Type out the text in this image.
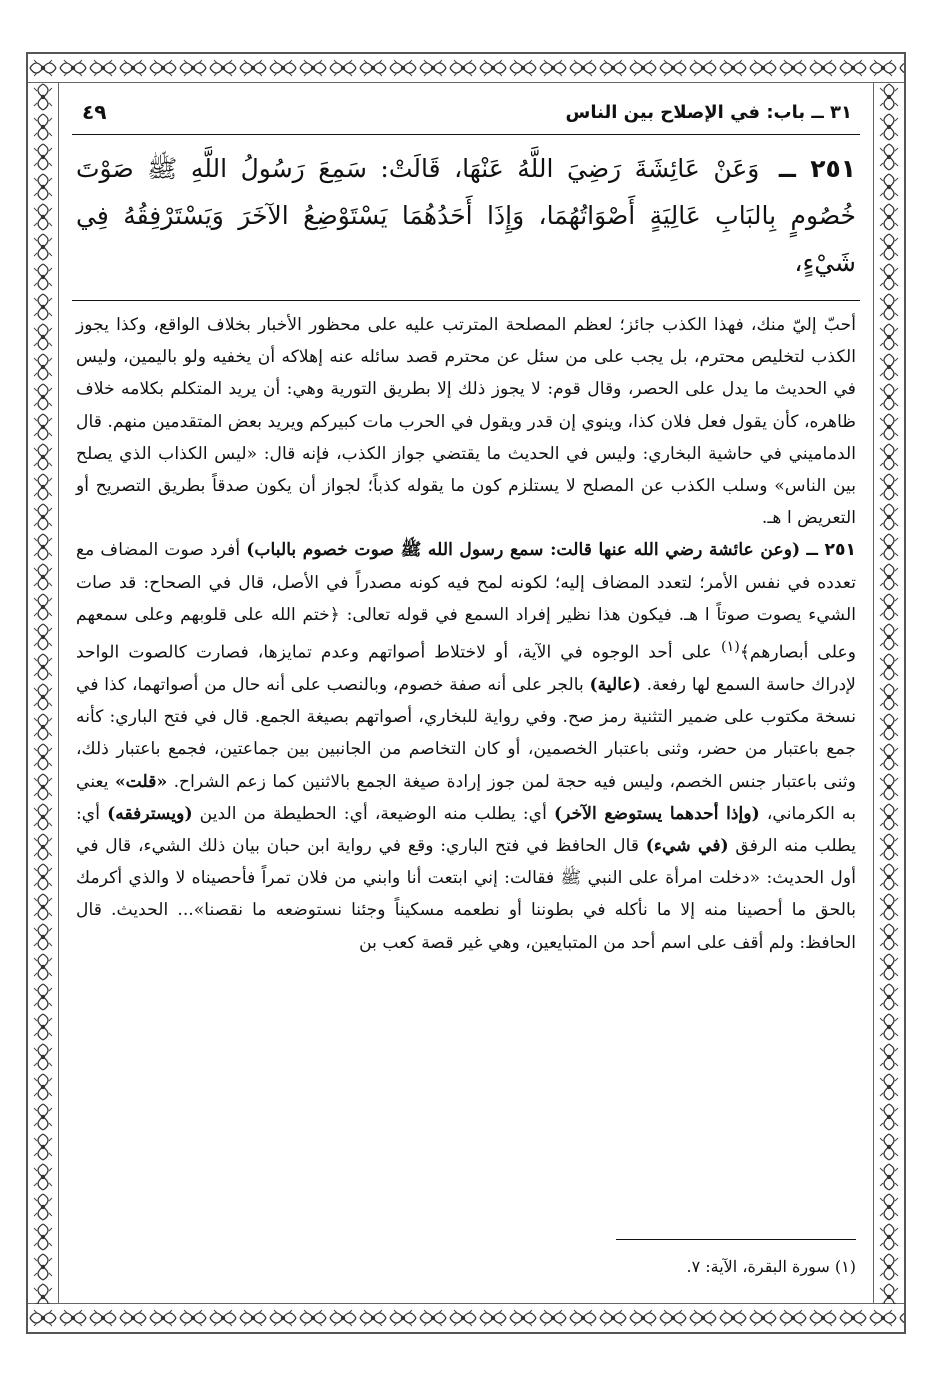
٣١ ــ باب: في الإصلاح بين الناس
٤٩
٢٥١ ــ وَعَنْ عَائِشَةَ رَضِيَ اللَّهُ عَنْهَا، قَالَتْ: سَمِعَ رَسُولُ اللَّهِ ﷺ صَوْتَ خُصُومٍ بِالبَابِ عَالِيَةٍ أَصْوَاتُهُمَا، وَإِذَا أَحَدُهُمَا يَسْتَوْضِعُ الآخَرَ وَيَسْتَرْفِقُهُ فِي شَيْءٍ،

أحبّ إليّ منك، فهذا الكذب جائز؛ لعظم المصلحة المترتب عليه على محظور الأخبار بخلاف الواقع، وكذا يجوز الكذب لتخليص محترم، بل يجب على من سئل عن محترم قصد سائله عنه إهلاكه أن يخفيه ولو باليمين، وليس في الحديث ما يدل على الحصر، وقال قوم: لا يجوز ذلك إلا بطريق التورية وهي: أن يريد المتكلم بكلامه خلاف ظاهره، كأن يقول فعل فلان كذا، وينوي إن قدر ويقول في الحرب مات كبيركم ويريد بعض المتقدمين منهم. قال الدماميني في حاشية البخاري: وليس في الحديث ما يقتضي جواز الكذب، فإنه قال: «ليس الكذاب الذي يصلح بين الناس» وسلب الكذب عن المصلح لا يستلزم كون ما يقوله كذباً؛ لجواز أن يكون صدقاً بطريق التصريح أو التعريض ا هـ.

٢٥١ ــ (وعن عائشة رضي الله عنها قالت: سمع رسول الله ﷺ صوت خصوم بالباب) أفرد صوت المضاف مع تعدده في نفس الأمر؛ لتعدد المضاف إليه؛ لكونه لمح فيه كونه مصدراً في الأصل، قال في الصحاح: قد صات الشيء يصوت صوتاً ا هـ. فيكون هذا نظير إفراد السمع في قوله تعالى: ﴿ختم الله على قلوبهم وعلى سمعهم وعلى أبصارهم﴾$^{(١)}$ على أحد الوجوه في الآية، أو لاختلاط أصواتهم وعدم تمايزها، فصارت كالصوت الواحد لإدراك حاسة السمع لها رفعة. (عالية) بالجر على أنه صفة خصوم، وبالنصب على أنه حال من أصواتهما، كذا في نسخة مكتوب على ضمير التثنية رمز صح. وفي رواية للبخاري، أصواتهم بصيغة الجمع. قال في فتح الباري: كأنه جمع باعتبار من حضر، وثنى باعتبار الخصمين، أو كان التخاصم من الجانبين بين جماعتين، فجمع باعتبار ذلك، وثنى باعتبار جنس الخصم، وليس فيه حجة لمن جوز إرادة صيغة الجمع بالاثنين كما زعم الشراح. «قلت» يعني به الكرماني، (وإذا أحدهما يستوضع الآخر) أي: يطلب منه الوضيعة، أي: الحطيطة من الدين (ويسترفقه) أي: يطلب منه الرفق (في شيء) قال الحافظ في فتح الباري: وقع في رواية ابن حبان بيان ذلك الشيء، قال في أول الحديث: «دخلت امرأة على النبي ﷺ فقالت: إني ابتعت أنا وابني من فلان تمراً فأحصيناه لا والذي أكرمك بالحق ما أحصينا منه إلا ما نأكله في بطوننا أو نطعمه مسكيناً وجئنا نستوضعه ما نقصنا»... الحديث. قال الحافظ: ولم أقف على اسم أحد من المتبايعين، وهي غير قصة كعب بن

(١) سورة البقرة، الآية: ٧.
